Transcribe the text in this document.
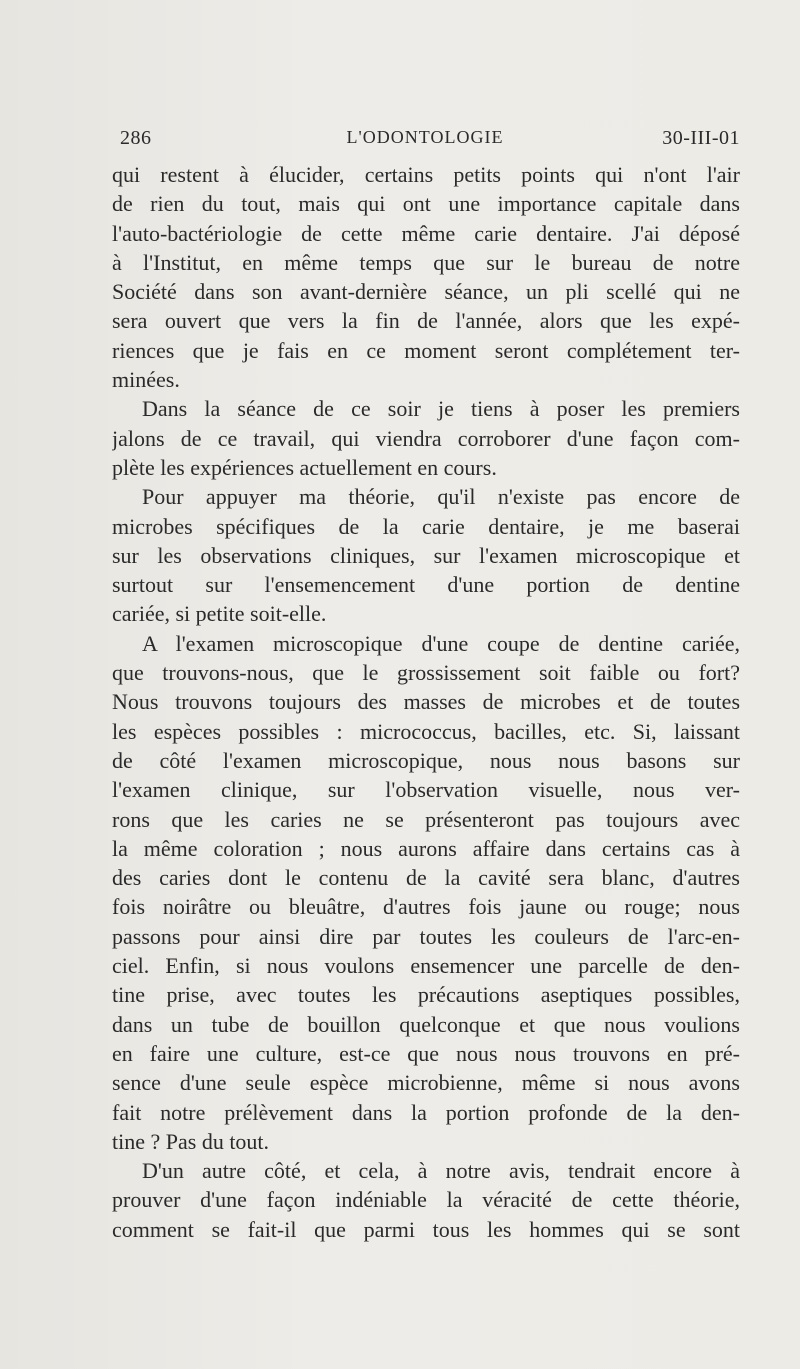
286	L'ODONTOLOGIE	30-III-01
qui restent à élucider, certains petits points qui n'ont l'air
de rien du tout, mais qui ont une importance capitale dans
l'auto-bactériologie de cette même carie dentaire. J'ai déposé
à l'Institut, en même temps que sur le bureau de notre
Société dans son avant-dernière séance, un pli scellé qui ne
sera ouvert que vers la fin de l'année, alors que les expé-
riences que je fais en ce moment seront complétement ter-
minées.
Dans la séance de ce soir je tiens à poser les premiers
jalons de ce travail, qui viendra corroborer d'une façon com-
plète les expériences actuellement en cours.
Pour appuyer ma théorie, qu'il n'existe pas encore de
microbes spécifiques de la carie dentaire, je me baserai
sur les observations cliniques, sur l'examen microscopique et
surtout sur l'ensemencement d'une portion de dentine
cariée, si petite soit-elle.
A l'examen microscopique d'une coupe de dentine cariée,
que trouvons-nous, que le grossissement soit faible ou fort?
Nous trouvons toujours des masses de microbes et de toutes
les espèces possibles : micrococcus, bacilles, etc. Si, laissant
de côté l'examen microscopique, nous nous basons sur
l'examen clinique, sur l'observation visuelle, nous ver-
rons que les caries ne se présenteront pas toujours avec
la même coloration ; nous aurons affaire dans certains cas à
des caries dont le contenu de la cavité sera blanc, d'autres
fois noirâtre ou bleuâtre, d'autres fois jaune ou rouge; nous
passons pour ainsi dire par toutes les couleurs de l'arc-en-
ciel. Enfin, si nous voulons ensemencer une parcelle de den-
tine prise, avec toutes les précautions aseptiques possibles,
dans un tube de bouillon quelconque et que nous voulions
en faire une culture, est-ce que nous nous trouvons en pré-
sence d'une seule espèce microbienne, même si nous avons
fait notre prélèvement dans la portion profonde de la den-
tine ? Pas du tout.
D'un autre côté, et cela, à notre avis, tendrait encore à
prouver d'une façon indéniable la véracité de cette théorie,
comment se fait-il que parmi tous les hommes qui se sont
